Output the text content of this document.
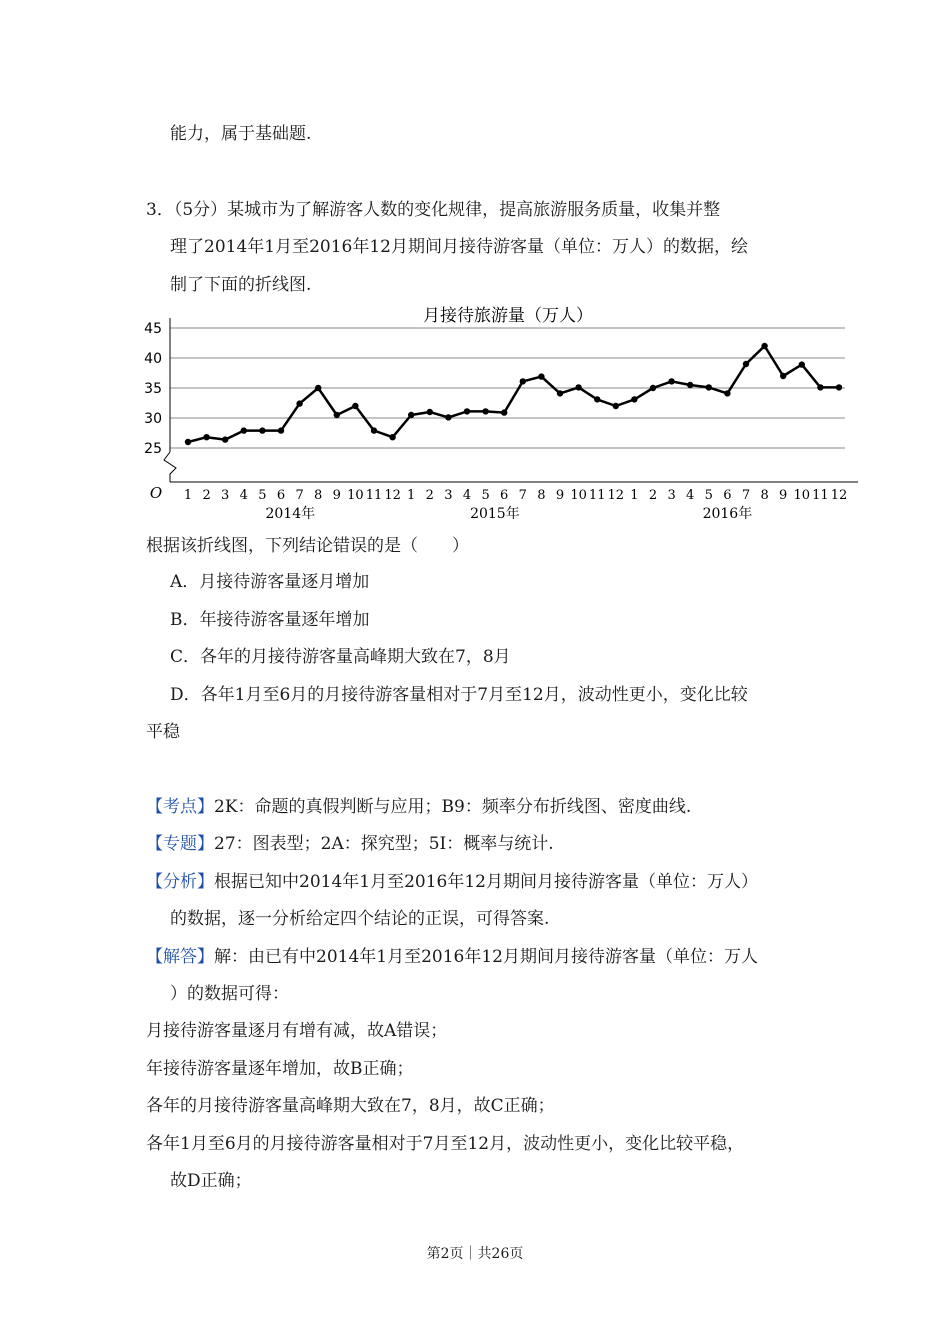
能力，属于基础题.
3．（5分）某城市为了解游客人数的变化规律，提高旅游服务质量，收集并整
理了2014年1月至2016年12月期间月接待游客量（单位：万人）的数据，绘
制了下面的折线图.
月接待旅游量（万人）
25
30
35
40
45
O 1 2 3 4 5 6 7 8 9 10 11 12 1 2 3 4 5 6 7 8 9 10 11 12 1 2 3 4 5 6 7 8 9 10 11 12
2014年	2015年	2016年
根据该折线图，下列结论错误的是（　　）
A．月接待游客量逐月增加
B．年接待游客量逐年增加
C．各年的月接待游客量高峰期大致在7，8月
D．各年1月至6月的月接待游客量相对于7月至12月，波动性更小，变化比较
平稳
【考点】2K：命题的真假判断与应用；B9：频率分布折线图、密度曲线.
【专题】27：图表型；2A：探究型；5I：概率与统计.
【分析】根据已知中2014年1月至2016年12月期间月接待游客量（单位：万人）
的数据，逐一分析给定四个结论的正误，可得答案.
【解答】解：由已有中2014年1月至2016年12月期间月接待游客量（单位：万人
）的数据可得：
月接待游客量逐月有增有减，故A错误；
年接待游客量逐年增加，故B正确；
各年的月接待游客量高峰期大致在7，8月，故C正确；
各年1月至6月的月接待游客量相对于7月至12月，波动性更小，变化比较平稳，
故D正确；
第2页｜共26页
